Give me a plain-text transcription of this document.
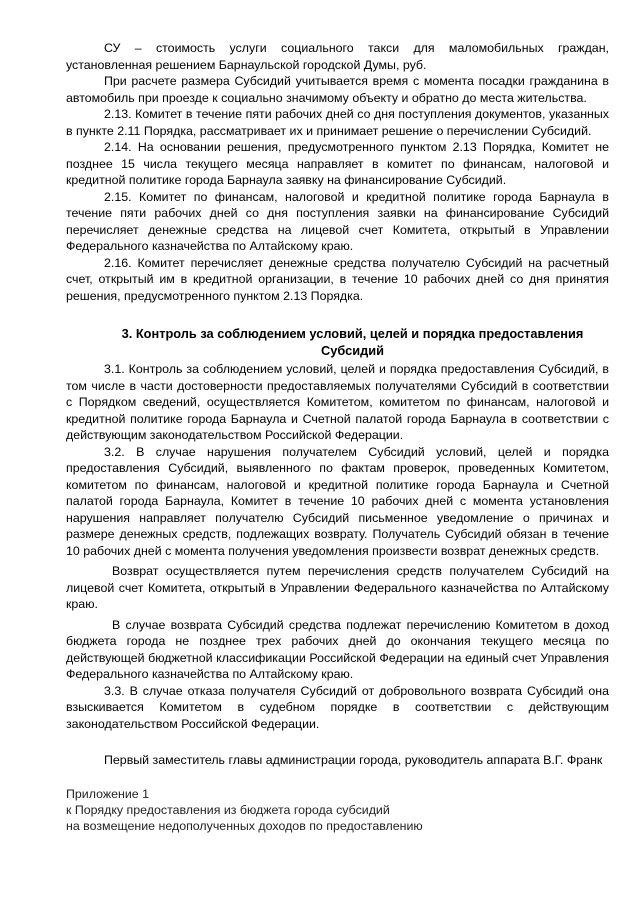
СУ – стоимость услуги социального такси для маломобильных граждан, установленная решением Барнаульской городской Думы, руб.

При расчете размера Субсидий учитывается время с момента посадки гражданина в автомобиль при проезде к социально значимому объекту и обратно до места жительства.

2.13. Комитет в течение пяти рабочих дней со дня поступления документов, указанных в пункте 2.11 Порядка, рассматривает их и принимает решение о перечислении Субсидий.

2.14. На основании решения, предусмотренного пунктом 2.13 Порядка, Комитет не позднее 15 числа текущего месяца направляет в комитет по финансам, налоговой и кредитной политике города Барнаула заявку на финансирование Субсидий.

2.15. Комитет по финансам, налоговой и кредитной политике города Барнаула в течение пяти рабочих дней со дня поступления заявки на финансирование Субсидий перечисляет денежные средства на лицевой счет Комитета, открытый в Управлении Федерального казначейства по Алтайскому краю.

2.16. Комитет перечисляет денежные средства получателю Субсидий на расчетный счет, открытый им в кредитной организации, в течение 10 рабочих дней со дня принятия решения, предусмотренного пунктом 2.13 Порядка.

3. Контроль за соблюдением условий, целей и порядка предоставления
Субсидий

3.1. Контроль за соблюдением условий, целей и порядка предоставления Субсидий, в том числе в части достоверности предоставляемых получателями Субсидий в соответствии с Порядком сведений, осуществляется Комитетом, комитетом по финансам, налоговой и кредитной политике города Барнаула и Счетной палатой города Барнаула в соответствии с действующим законодательством Российской Федерации.

3.2. В случае нарушения получателем Субсидий условий, целей и порядка предоставления Субсидий, выявленного по фактам проверок, проведенных Комитетом, комитетом по финансам, налоговой и кредитной политике города Барнаула и Счетной палатой города Барнаула, Комитет в течение 10 рабочих дней с момента установления нарушения направляет получателю Субсидий письменное уведомление о причинах и размере денежных средств, подлежащих возврату. Получатель Субсидий обязан в течение 10 рабочих дней с момента получения уведомления произвести возврат денежных средств.

Возврат осуществляется путем перечисления средств получателем Субсидий на лицевой счет Комитета, открытый в Управлении Федерального казначейства по Алтайскому краю.

В случае возврата Субсидий средства подлежат перечислению Комитетом в доход бюджета города не позднее трех рабочих дней до окончания текущего месяца по действующей бюджетной классификации Российской Федерации на единый счет Управления Федерального казначейства по Алтайскому краю.

3.3. В случае отказа получателя Субсидий от добровольного возврата Субсидий она взыскивается Комитетом в судебном порядке в соответствии с действующим законодательством Российской Федерации.

Первый заместитель главы администрации города, руководитель аппарата В.Г. Франк

Приложение 1

к Порядку предоставления из бюджета города субсидий

на возмещение недополученных доходов по предоставлению
